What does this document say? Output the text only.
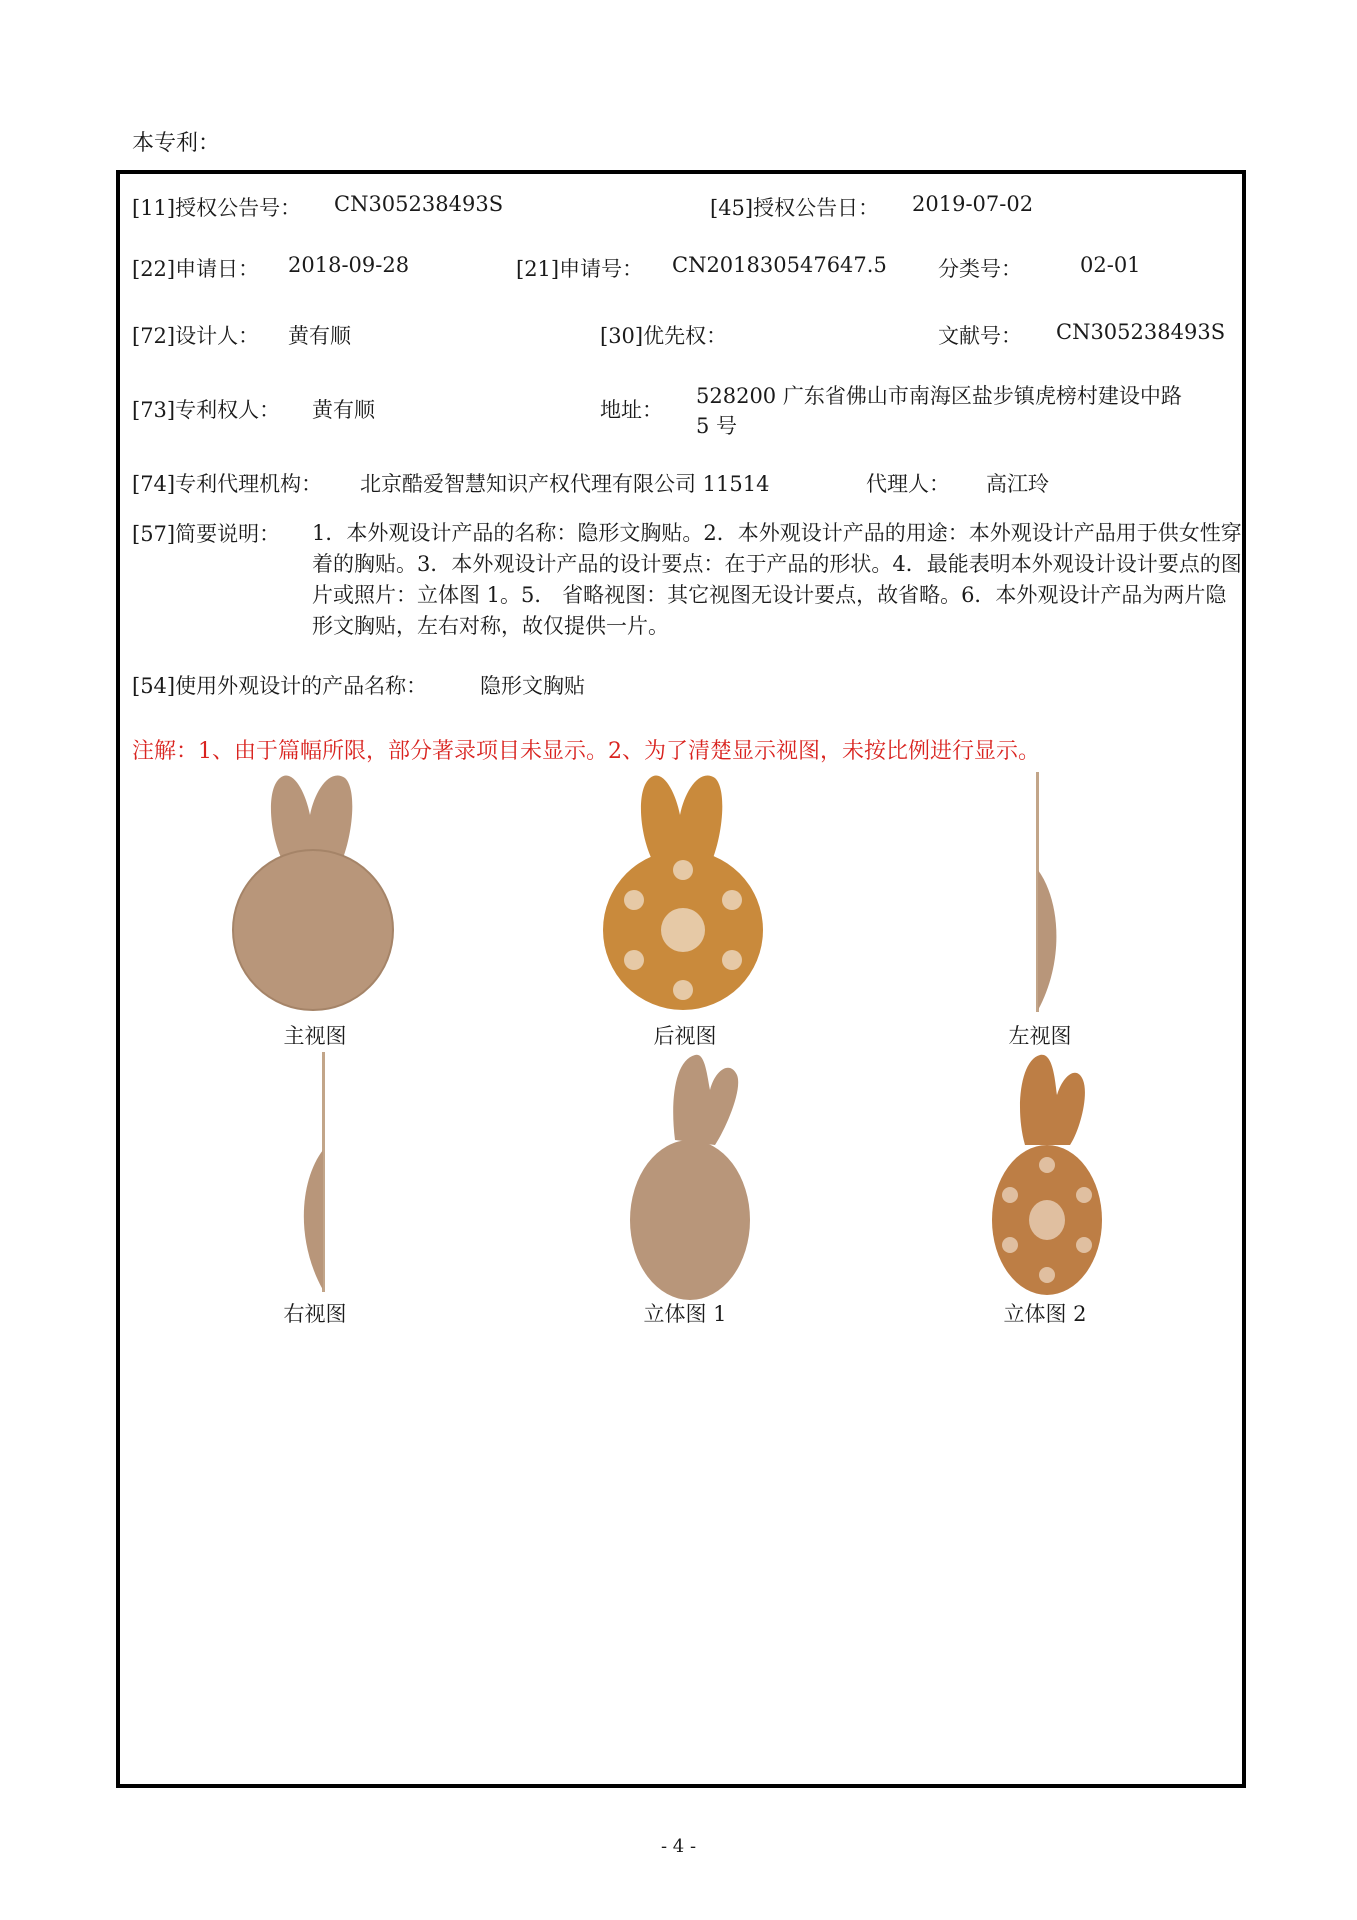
本专利：
[11]授权公告号： CN305238493S	[45]授权公告日： 2019-07-02
[22]申请日： 2018-09-28	[21]申请号： CN201830547647.5 分类号：	02-01
[72]设计人： 黄有顺	[30]优先权：	文献号： CN305238493S
[73]专利权人： 黄有顺	地址：
528200 广东省佛山市南海区盐步镇虎榜村建设中路
5 号
[74]专利代理机构： 北京酷爱智慧知识产权代理有限公司 11514	代理人： 高江玲
[57]简要说明： 1．本外观设计产品的名称：隐形文胸贴。2．本外观设计产品的用途：本外观设计产品用于供女性穿着的胸贴。3．本外观设计产品的设计要点：在于产品的形状。4．最能表明本外观设计设计要点的图片或照片：立体图 1。5． 省略视图：其它视图无设计要点，故省略。6．本外观设计产品为两片隐形文胸贴，左右对称，故仅提供一片。
[54]使用外观设计的产品名称：	隐形文胸贴
注解：1、由于篇幅所限，部分著录项目未显示。2、为了清楚显示视图，未按比例进行显示。
主视图	后视图	左视图
右视图	立体图 1	立体图 2
- 4 -
